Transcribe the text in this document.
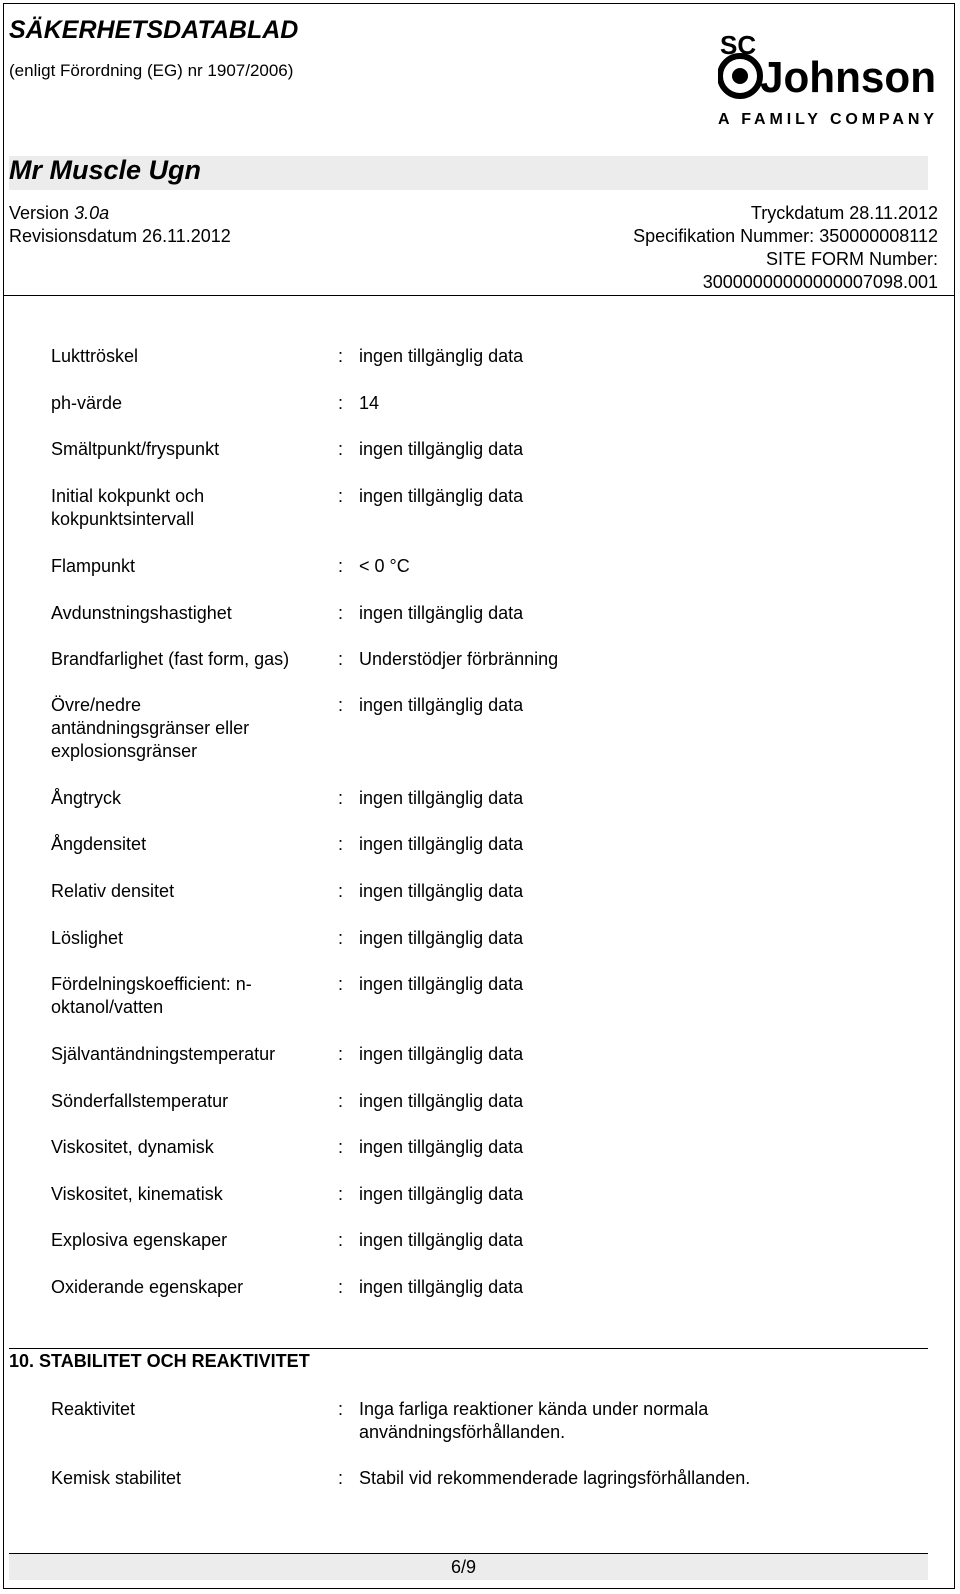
SÄKERHETSDATABLAD
(enligt Förordning (EG) nr 1907/2006)
SC
Johnson
A FAMILY COMPANY
Mr Muscle Ugn
Version 3.0a	Tryckdatum 28.11.2012
Revisionsdatum 26.11.2012	Specifikation Nummer: 350000008112
SITE FORM Number:
30000000000000007098.001
Lukttröskel	: ingen tillgänglig data
ph-värde	: 14
Smältpunkt/fryspunkt	: ingen tillgänglig data
Initial kokpunkt och kokpunktsintervall
: ingen tillgänglig data
Flampunkt	: < 0 °C
Avdunstningshastighet	: ingen tillgänglig data
Brandfarlighet (fast form, gas)	: Understödjer förbränning
Övre/nedre antändningsgränser eller explosionsgränser
: ingen tillgänglig data
Ångtryck	: ingen tillgänglig data
Ångdensitet	: ingen tillgänglig data
Relativ densitet	: ingen tillgänglig data
Löslighet	: ingen tillgänglig data
Fördelningskoefficient: n-oktanol/vatten
: ingen tillgänglig data
Självantändningstemperatur	: ingen tillgänglig data
Sönderfallstemperatur	: ingen tillgänglig data
Viskositet, dynamisk	: ingen tillgänglig data
Viskositet, kinematisk	: ingen tillgänglig data
Explosiva egenskaper	: ingen tillgänglig data
Oxiderande egenskaper	: ingen tillgänglig data
10. STABILITET OCH REAKTIVITET
Reaktivitet	: Inga farliga reaktioner kända under normala användningsförhållanden.
Kemisk stabilitet	: Stabil vid rekommenderade lagringsförhållanden.
6/9
